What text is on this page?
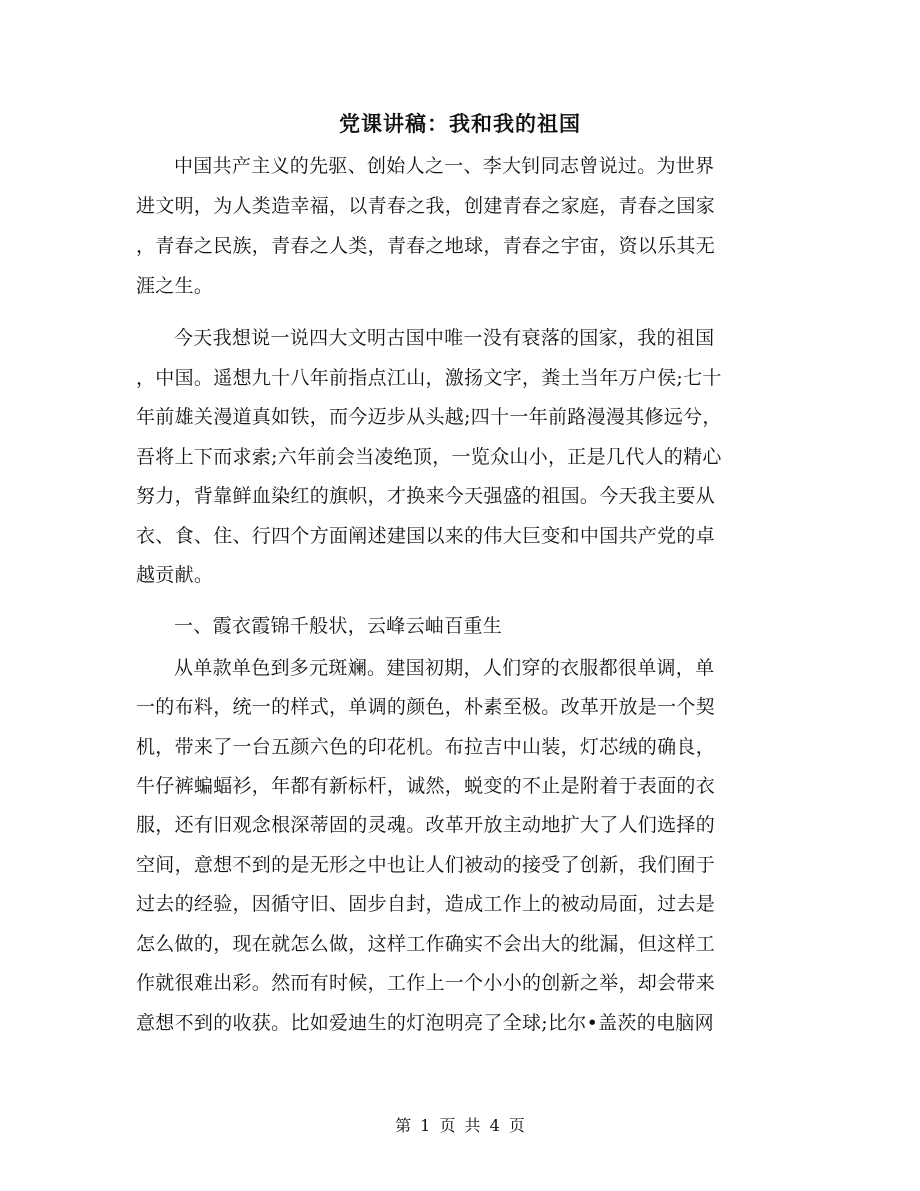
党课讲稿：我和我的祖国
中国共产主义的先驱、创始人之一、李大钊同志曾说过。为世界
进文明，为人类造幸福，以青春之我，创建青春之家庭，青春之国家
，青春之民族，青春之人类，青春之地球，青春之宇宙，资以乐其无
涯之生。
今天我想说一说四大文明古国中唯一没有衰落的国家，我的祖国
，中国。遥想九十八年前指点江山，激扬文字，粪土当年万户侯;七十
年前雄关漫道真如铁，而今迈步从头越;四十一年前路漫漫其修远兮，
吾将上下而求索;六年前会当凌绝顶，一览众山小，正是几代人的精心
努力，背靠鲜血染红的旗帜，才换来今天强盛的祖国。今天我主要从
衣、食、住、行四个方面阐述建国以来的伟大巨变和中国共产党的卓
越贡献。
一、霞衣霞锦千般状，云峰云岫百重生
从单款单色到多元斑斓。建国初期，人们穿的衣服都很单调，单
一的布料，统一的样式，单调的颜色，朴素至极。改革开放是一个契
机，带来了一台五颜六色的印花机。布拉吉中山装，灯芯绒的确良，
牛仔裤蝙蝠衫，年都有新标杆，诚然，蜕变的不止是附着于表面的衣
服，还有旧观念根深蒂固的灵魂。改革开放主动地扩大了人们选择的
空间，意想不到的是无形之中也让人们被动的接受了创新，我们囿于
过去的经验，因循守旧、固步自封，造成工作上的被动局面，过去是
怎么做的，现在就怎么做，这样工作确实不会出大的纰漏，但这样工
作就很难出彩。然而有时候，工作上一个小小的创新之举，却会带来
意想不到的收获。比如爱迪生的灯泡明亮了全球;比尔•盖茨的电脑网
第 1 页 共 4 页
